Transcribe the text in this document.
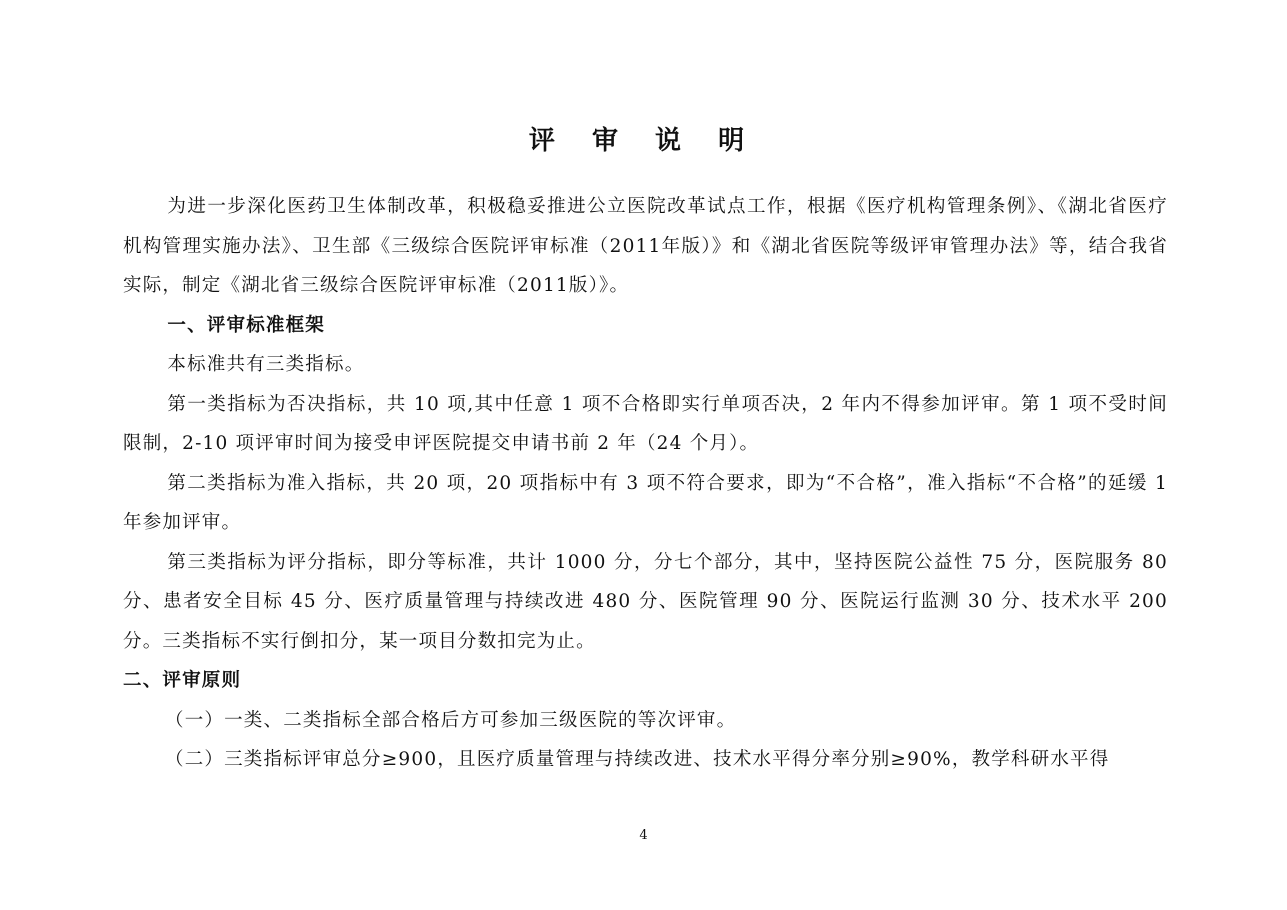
评 审 说 明

为进一步深化医药卫生体制改革，积极稳妥推进公立医院改革试点工作，根据《医疗机构管理条例》、《湖北省医疗机构管理实施办法》、卫生部《三级综合医院评审标准（2011年版）》和《湖北省医院等级评审管理办法》等，结合我省实际，制定《湖北省三级综合医院评审标准（2011版）》。

一、评审标准框架

本标准共有三类指标。

第一类指标为否决指标，共 10 项,其中任意 1 项不合格即实行单项否决，2 年内不得参加评审。第 1 项不受时间限制，2-10 项评审时间为接受申评医院提交申请书前 2 年（24 个月）。

第二类指标为准入指标，共 20 项，20 项指标中有 3 项不符合要求，即为“不合格”，准入指标“不合格”的延缓 1 年参加评审。

第三类指标为评分指标，即分等标准，共计 1000 分，分七个部分，其中，坚持医院公益性 75 分，医院服务 80 分、患者安全目标 45 分、医疗质量管理与持续改进 480 分、医院管理 90 分、医院运行监测 30 分、技术水平 200 分。三类指标不实行倒扣分，某一项目分数扣完为止。

二、评审原则

（一）一类、二类指标全部合格后方可参加三级医院的等次评审。

（二）三类指标评审总分≥900，且医疗质量管理与持续改进、技术水平得分率分别≥90%，教学科研水平得

4
